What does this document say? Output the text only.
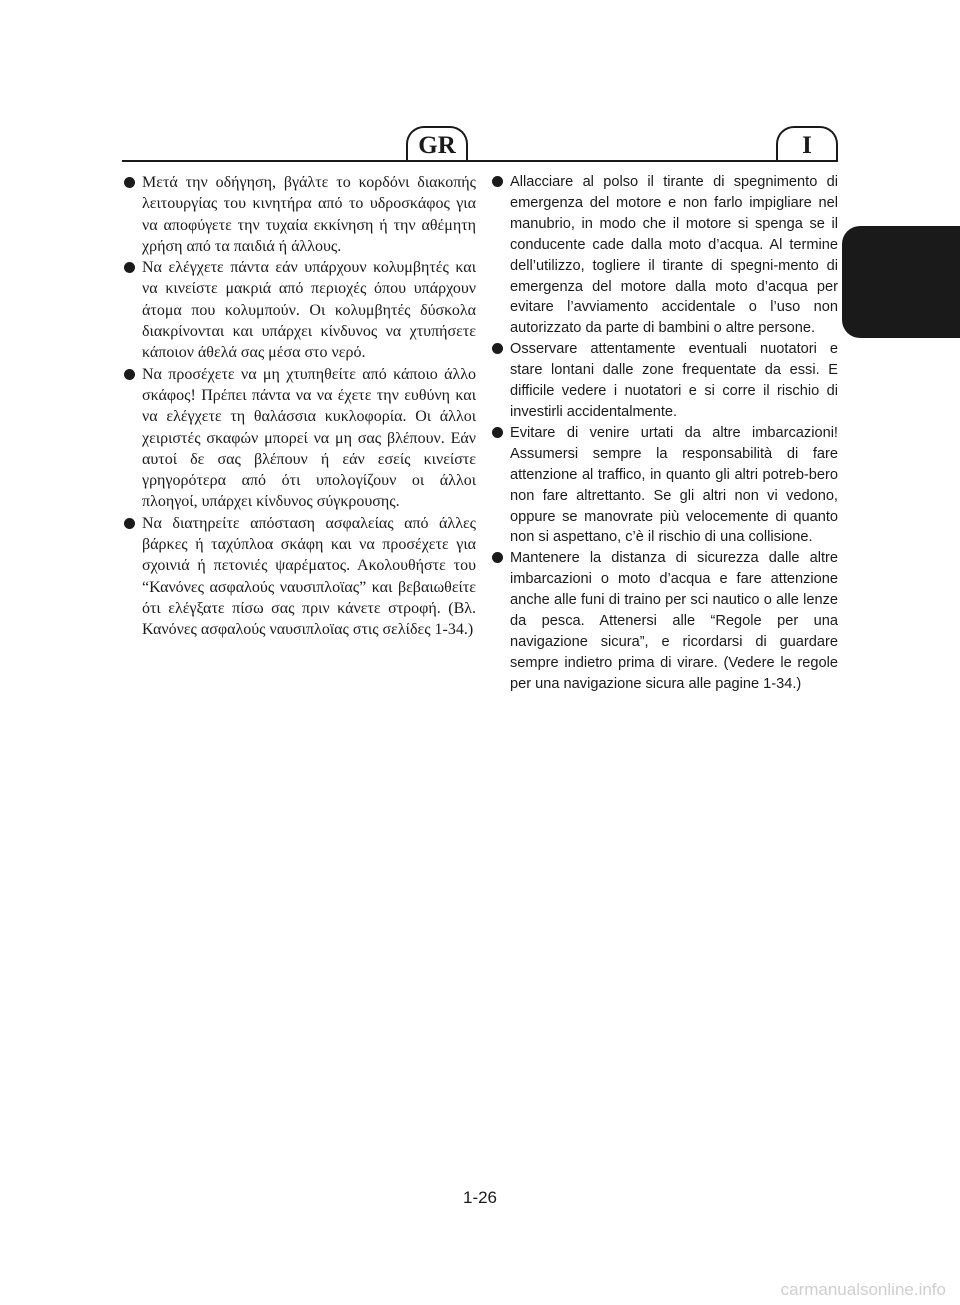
GR	I
Μετά την οδήγηση, βγάλτε το κορδόνι διακοπής λειτουργίας του κινητήρα από το υδροσκάφος για να αποφύγετε την τυχαία εκκίνηση ή την αθέμητη χρήση από τα παιδιά ή άλλους.
Να ελέγχετε πάντα εάν υπάρχουν κολυμβητές και να κινείστε μακριά από περιοχές όπου υπάρχουν άτομα που κολυμπούν. Οι κολυμβητές δύσκολα διακρίνονται και υπάρχει κίνδυνος να χτυπήσετε κάποιον άθελά σας μέσα στο νερό.
Να προσέχετε να μη χτυπηθείτε από κάποιο άλλο σκάφος! Πρέπει πάντα να να έχετε την ευθύνη και να ελέγχετε τη θαλάσσια κυκλοφορία. Οι άλλοι χειριστές σκαφών μπορεί να μη σας βλέπουν. Εάν αυτοί δε σας βλέπουν ή εάν εσείς κινείστε γρηγορότερα από ότι υπολογίζουν οι άλλοι πλοηγοί, υπάρχει κίνδυνος σύγκρουσης.
Να διατηρείτε απόσταση ασφαλείας από άλλες βάρκες ή ταχύπλοα σκάφη και να προσέχετε για σχοινιά ή πετονιές ψαρέματος. Ακολουθήστε του “Κανόνες ασφαλούς ναυσιπλοϊας” και βεβαιωθείτε ότι ελέγξατε πίσω σας πριν κάνετε στροφή. (Βλ. Κανόνες ασφαλούς ναυσιπλοϊας στις σελίδες 1-34.)
Allacciare al polso il tirante di spegnimento di emergenza del motore e non farlo impigliare nel manubrio, in modo che il motore si spenga se il conducente cade dalla moto d’acqua. Al termine dell’utilizzo, togliere il tirante di spegni-mento di emergenza del motore dalla moto d’acqua per evitare l’avviamento accidentale o l’uso non autorizzato da parte di bambini o altre persone.
Osservare attentamente eventuali nuotatori e stare lontani dalle zone frequentate da essi. E difficile vedere i nuotatori e si corre il rischio di investirli accidentalmente.
Evitare di venire urtati da altre imbarcazioni! Assumersi sempre la responsabilità di fare attenzione al traffico, in quanto gli altri potreb-bero non fare altrettanto. Se gli altri non vi vedono, oppure se manovrate più velocemente di quanto non si aspettano, c’è il rischio di una collisione.
Mantenere la distanza di sicurezza dalle altre imbarcazioni o moto d’acqua e fare attenzione anche alle funi di traino per sci nautico o alle lenze da pesca. Attenersi alle “Regole per una navigazione sicura”, e ricordarsi di guardare sempre indietro prima di virare. (Vedere le regole per una navigazione sicura alle pagine 1-34.)
1-26
carmanualsonline.info
